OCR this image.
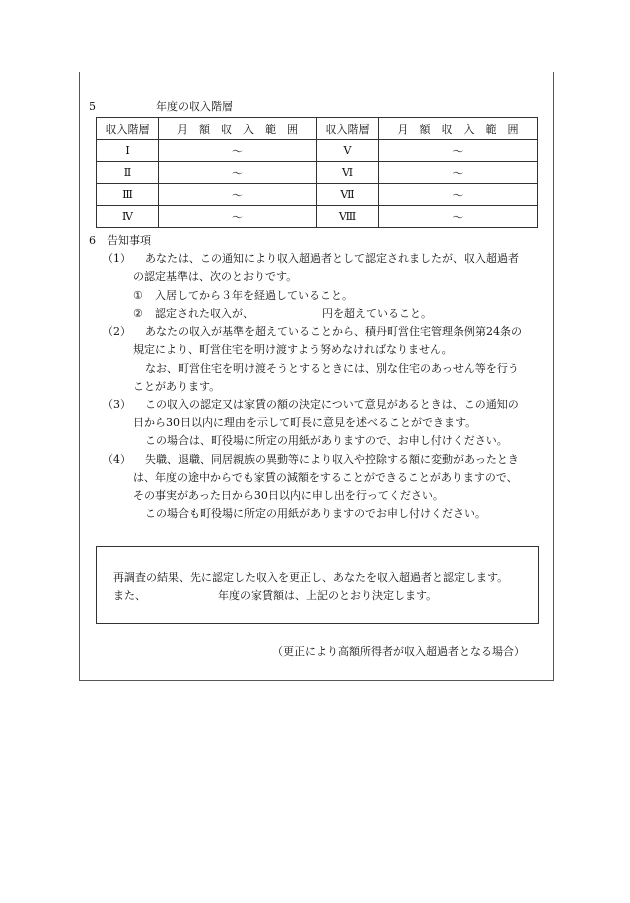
5	年度の収入階層
収入階層	月　額　収　入　範　囲	収入階層	月　額　収　入　範　囲
Ⅰ	～	Ⅴ	～
Ⅱ	～	Ⅵ	～
Ⅲ	～	Ⅶ	～
Ⅳ	～	Ⅷ	～
6　告知事項
（1） あなたは、この通知により収入超過者として認定されましたが、収入超過者
の認定基準は、次のとおりです。
① 入居してから３年を経過していること。
② 認定された収入が、	円を超えていること。
（2） あなたの収入が基準を超えていることから、積丹町営住宅管理条例第24条の
規定により、町営住宅を明け渡すよう努めなければなりません。
なお、町営住宅を明け渡そうとするときには、別な住宅のあっせん等を行う
ことがあります。
（3） この収入の認定又は家賃の額の決定について意見があるときは、この通知の
日から30日以内に理由を示して町長に意見を述べることができます。
この場合は、町役場に所定の用紙がありますので、お申し付けください。
（4） 失職、退職、同居親族の異動等により収入や控除する額に変動があったとき
は、年度の途中からでも家賃の減額をすることができることがありますので、
その事実があった日から30日以内に申し出を行ってください。
この場合も町役場に所定の用紙がありますのでお申し付けください。
再調査の結果、先に認定した収入を更正し、あなたを収入超過者と認定します。
また、	年度の家賃額は、上記のとおり決定します。
（更正により高額所得者が収入超過者となる場合）
